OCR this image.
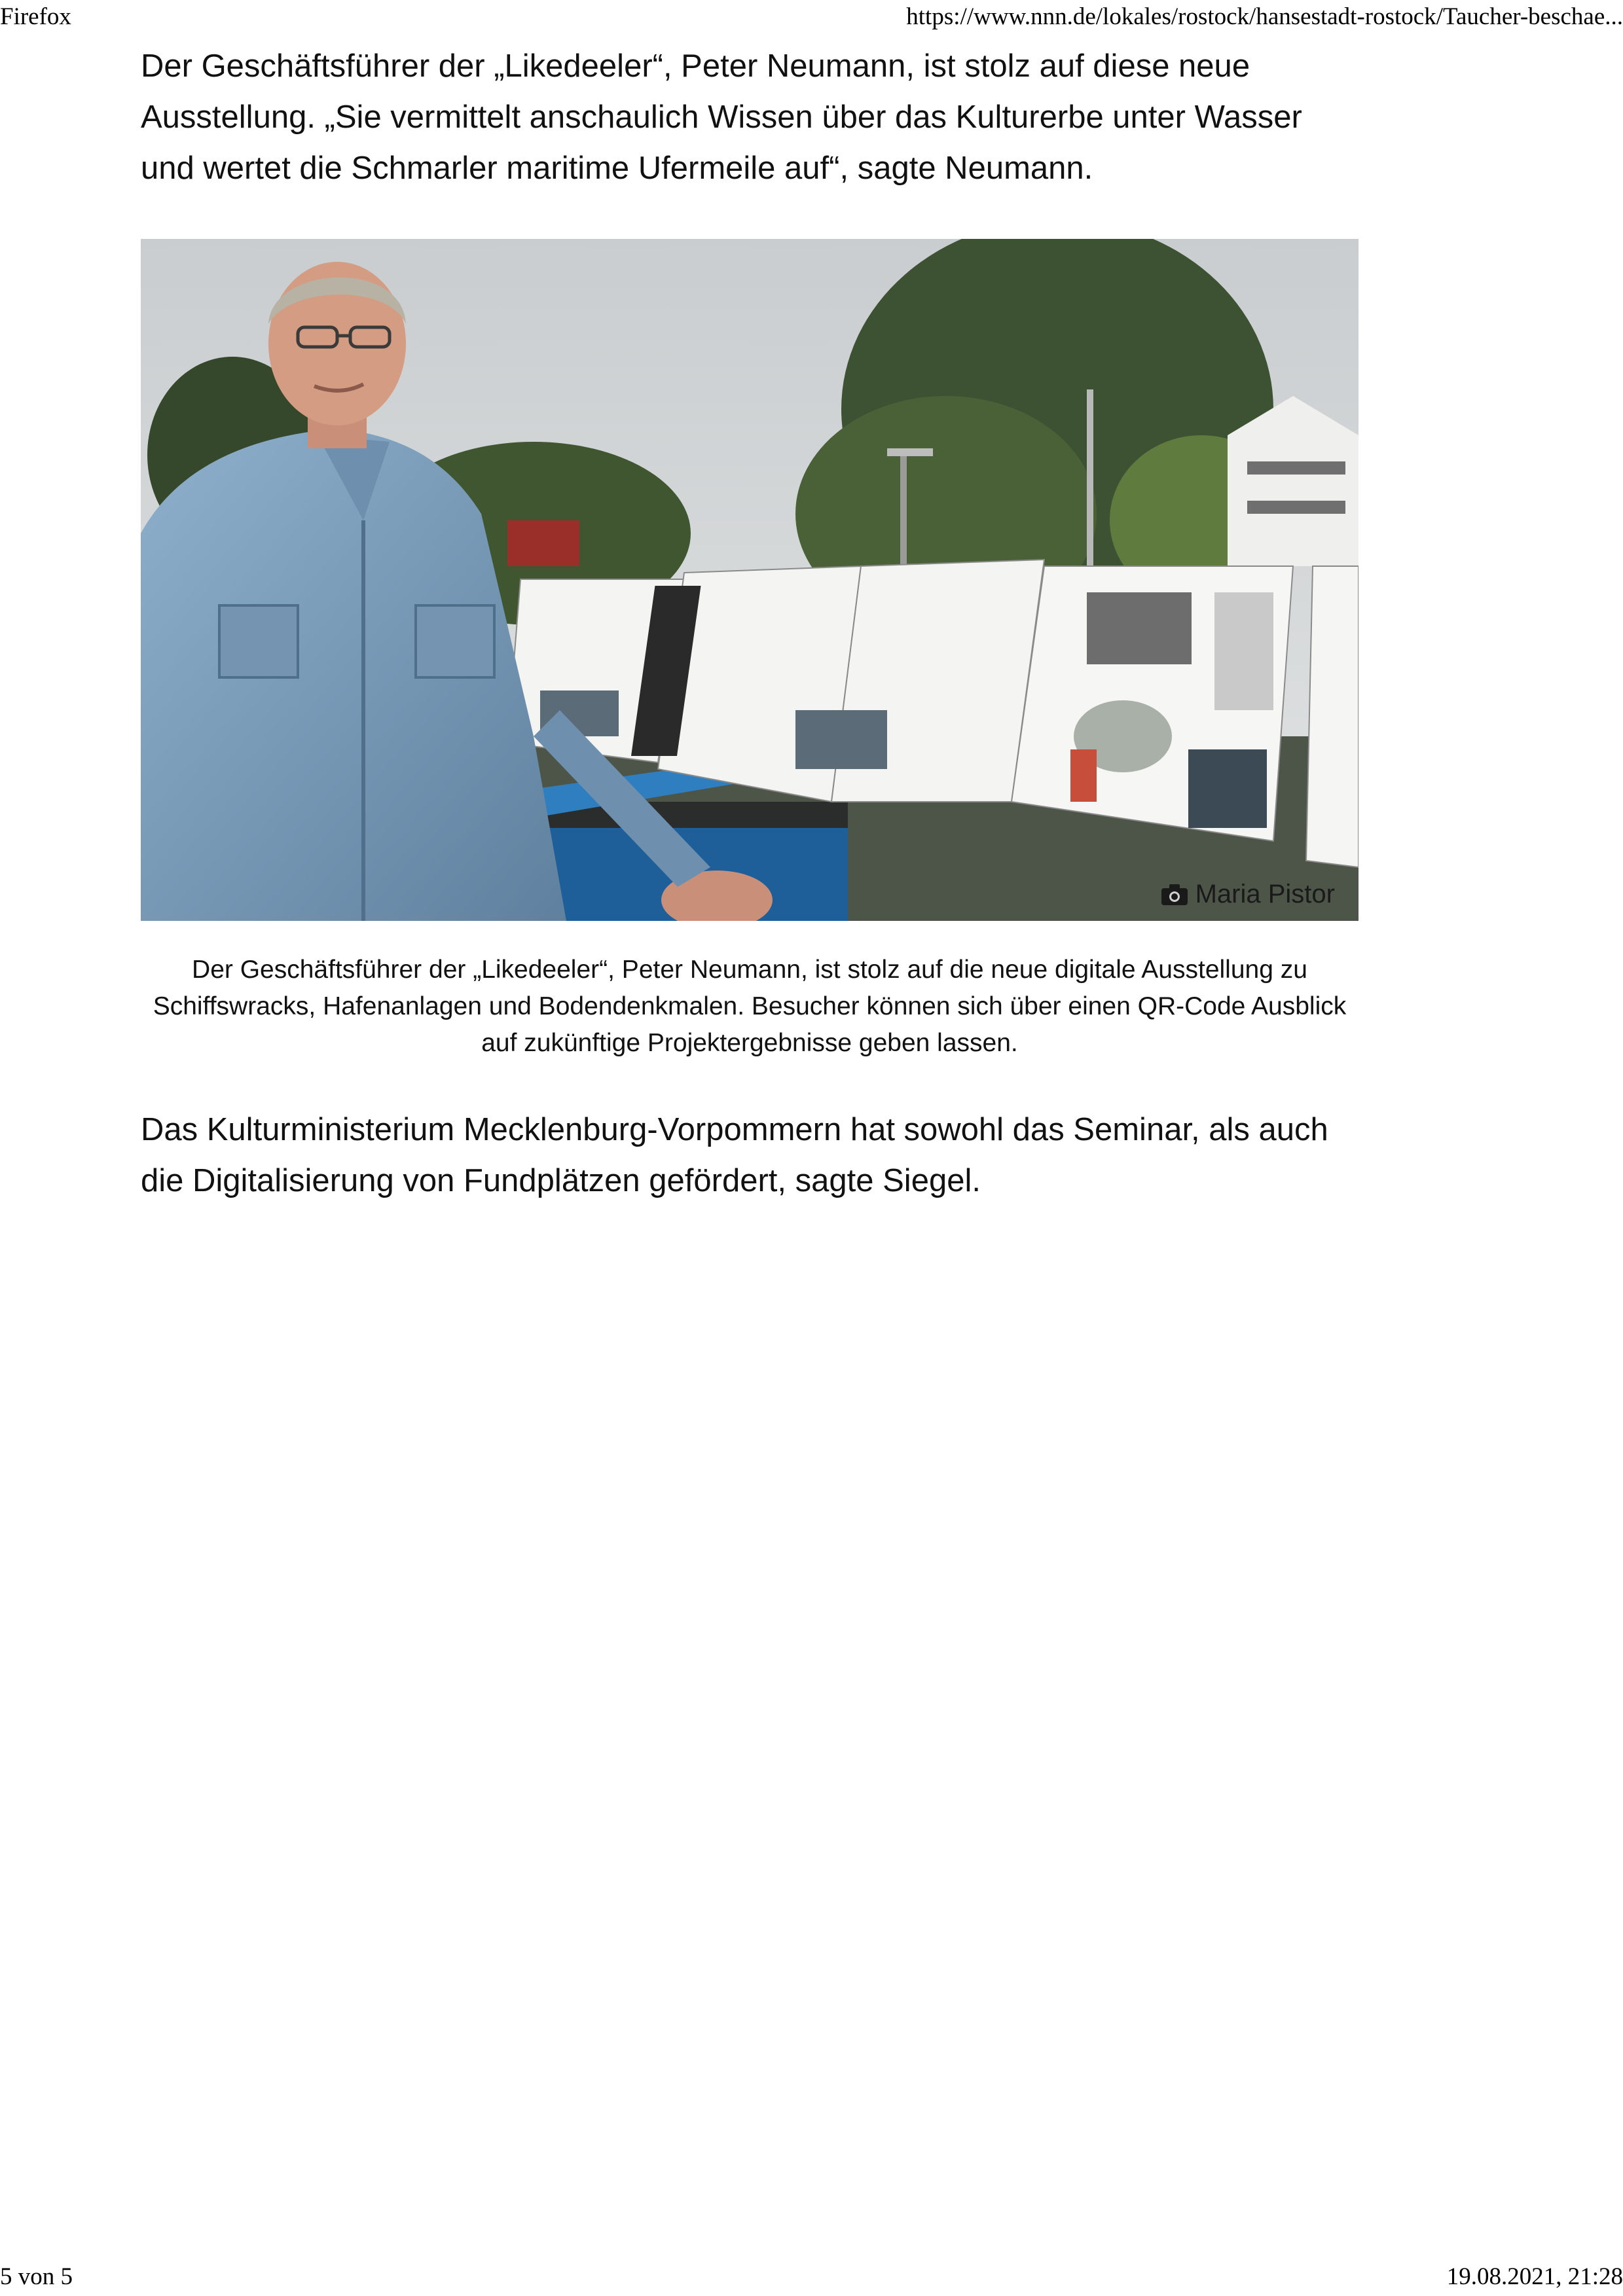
Firefox	https://www.nnn.de/lokales/rostock/hansestadt-rostock/Taucher-beschae...

Der Geschäftsführer der „Likedeeler“, Peter Neumann, ist stolz auf diese neue Ausstellung. „Sie vermittelt anschaulich Wissen über das Kulturerbe unter Wasser und wertet die Schmarler maritime Ufermeile auf“, sagte Neumann.

Maria Pistor
Der Geschäftsführer der „Likedeeler“, Peter Neumann, ist stolz auf die neue digitale Ausstellung zu Schiffswracks, Hafenanlagen und Bodendenkmalen. Besucher können sich über einen QR-Code Ausblick auf zukünftige Projektergebnisse geben lassen.

Das Kulturministerium Mecklenburg-Vorpommern hat sowohl das Seminar, als auch die Digitalisierung von Fundplätzen gefördert, sagte Siegel.

5 von 5	19.08.2021, 21:28
